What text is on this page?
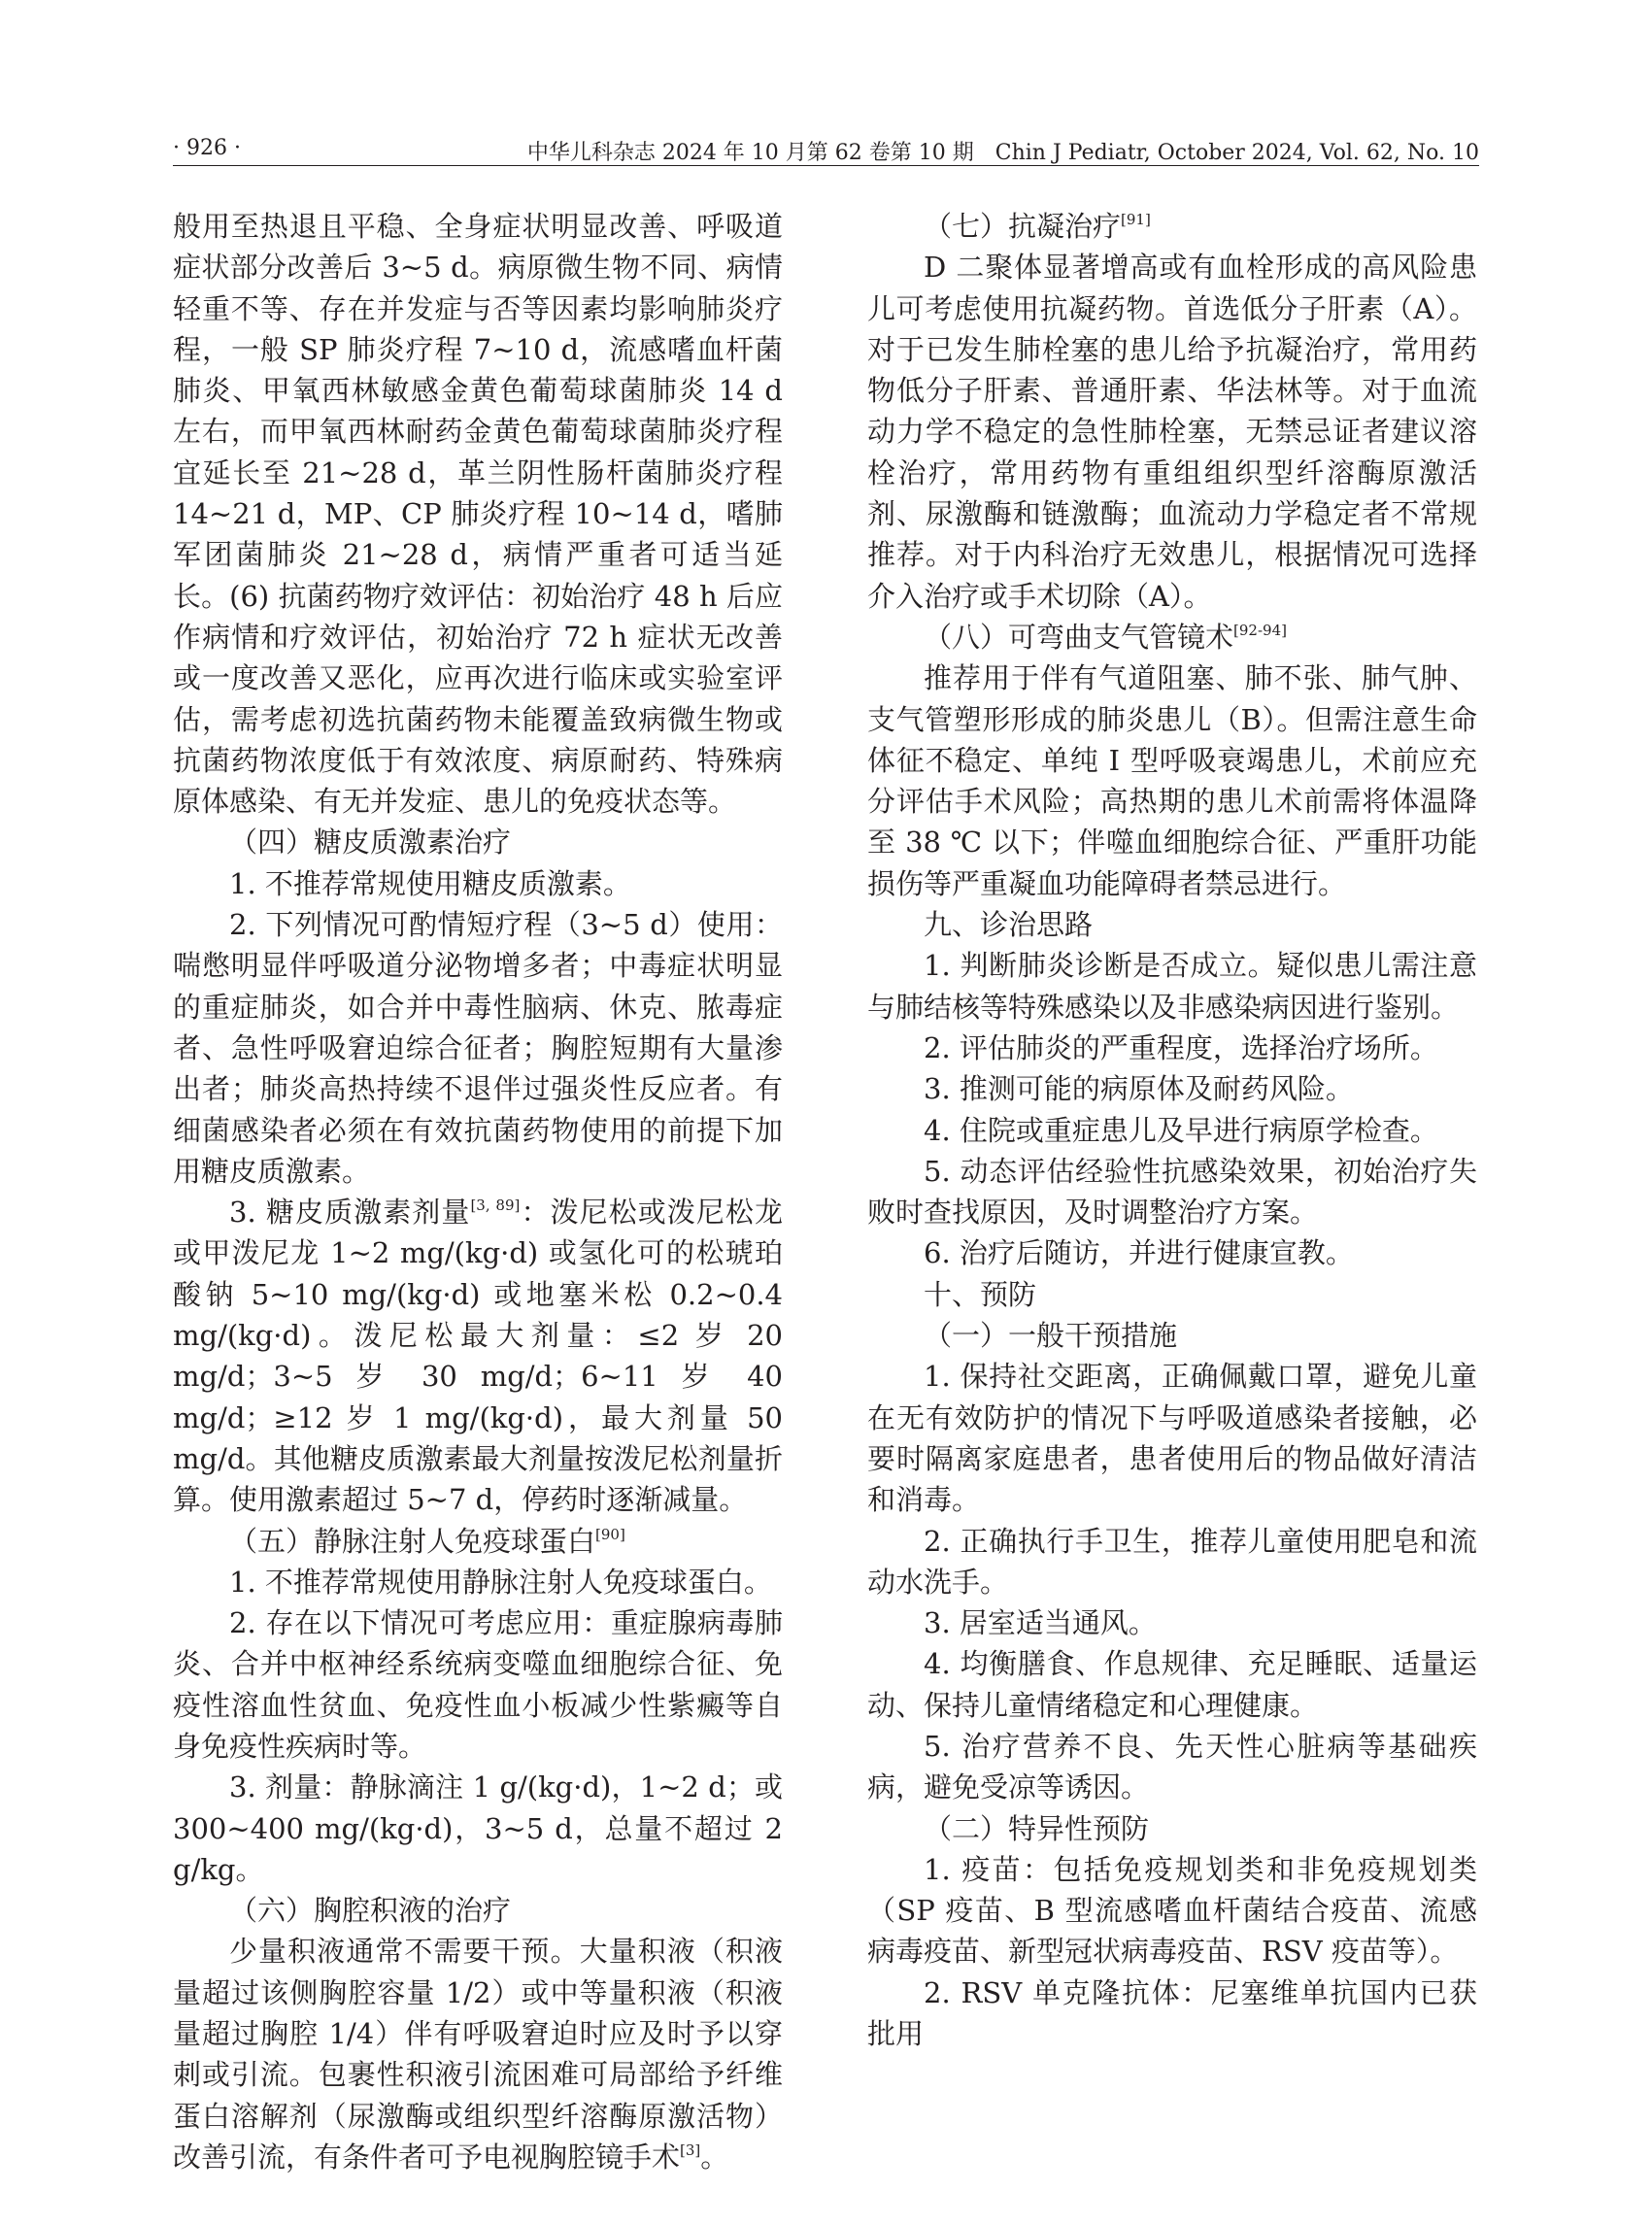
· 926 ·	中华儿科杂志 2024 年 10 月第 62 卷第 10 期　Chin J Pediatr, October 2024, Vol. 62, No. 10

般用至热退且平稳、全身症状明显改善、呼吸道症状部分改善后 3~5 d。病原微生物不同、病情轻重不等、存在并发症与否等因素均影响肺炎疗程，一般 SP 肺炎疗程 7~10 d，流感嗜血杆菌肺炎、甲氧西林敏感金黄色葡萄球菌肺炎 14 d 左右，而甲氧西林耐药金黄色葡萄球菌肺炎疗程宜延长至 21~28 d，革兰阴性肠杆菌肺炎疗程 14~21 d，MP、CP 肺炎疗程 10~14 d，嗜肺军团菌肺炎 21~28 d，病情严重者可适当延长。(6) 抗菌药物疗效评估：初始治疗 48 h 后应作病情和疗效评估，初始治疗 72 h 症状无改善或一度改善又恶化，应再次进行临床或实验室评估，需考虑初选抗菌药物未能覆盖致病微生物或抗菌药物浓度低于有效浓度、病原耐药、特殊病原体感染、有无并发症、患儿的免疫状态等。

（四）糖皮质激素治疗

1. 不推荐常规使用糖皮质激素。

2. 下列情况可酌情短疗程（3~5 d）使用：喘憋明显伴呼吸道分泌物增多者；中毒症状明显的重症肺炎，如合并中毒性脑病、休克、脓毒症者、急性呼吸窘迫综合征者；胸腔短期有大量渗出者；肺炎高热持续不退伴过强炎性反应者。有细菌感染者必须在有效抗菌药物使用的前提下加用糖皮质激素。

3. 糖皮质激素剂量[3, 89]：泼尼松或泼尼松龙或甲泼尼龙 1~2 mg/(kg·d) 或氢化可的松琥珀酸钠 5~10 mg/(kg·d) 或地塞米松 0.2~0.4 mg/(kg·d)。泼尼松最大剂量：≤2 岁 20 mg/d；3~5 岁 30 mg/d；6~11 岁 40 mg/d；≥12 岁 1 mg/(kg·d)，最大剂量 50 mg/d。其他糖皮质激素最大剂量按泼尼松剂量折算。使用激素超过 5~7 d，停药时逐渐减量。

（五）静脉注射人免疫球蛋白[90]

1. 不推荐常规使用静脉注射人免疫球蛋白。

2. 存在以下情况可考虑应用：重症腺病毒肺炎、合并中枢神经系统病变噬血细胞综合征、免疫性溶血性贫血、免疫性血小板减少性紫癜等自身免疫性疾病时等。

3. 剂量：静脉滴注 1 g/(kg·d)，1~2 d；或 300~400 mg/(kg·d)，3~5 d，总量不超过 2 g/kg。

（六）胸腔积液的治疗

少量积液通常不需要干预。大量积液（积液量超过该侧胸腔容量 1/2）或中等量积液（积液量超过胸腔 1/4）伴有呼吸窘迫时应及时予以穿刺或引流。包裹性积液引流困难可局部给予纤维蛋白溶解剂（尿激酶或组织型纤溶酶原激活物）改善引流，有条件者可予电视胸腔镜手术[3]。

（七）抗凝治疗[91]

D 二聚体显著增高或有血栓形成的高风险患儿可考虑使用抗凝药物。首选低分子肝素（A）。对于已发生肺栓塞的患儿给予抗凝治疗，常用药物低分子肝素、普通肝素、华法林等。对于血流动力学不稳定的急性肺栓塞，无禁忌证者建议溶栓治疗，常用药物有重组组织型纤溶酶原激活剂、尿激酶和链激酶；血流动力学稳定者不常规推荐。对于内科治疗无效患儿，根据情况可选择介入治疗或手术切除（A）。

（八）可弯曲支气管镜术[92-94]

推荐用于伴有气道阻塞、肺不张、肺气肿、支气管塑形形成的肺炎患儿（B）。但需注意生命体征不稳定、单纯 Ⅰ 型呼吸衰竭患儿，术前应充分评估手术风险；高热期的患儿术前需将体温降至 38 ℃ 以下；伴噬血细胞综合征、严重肝功能损伤等严重凝血功能障碍者禁忌进行。

九、诊治思路

1. 判断肺炎诊断是否成立。疑似患儿需注意与肺结核等特殊感染以及非感染病因进行鉴别。

2. 评估肺炎的严重程度，选择治疗场所。

3. 推测可能的病原体及耐药风险。

4. 住院或重症患儿及早进行病原学检查。

5. 动态评估经验性抗感染效果，初始治疗失败时查找原因，及时调整治疗方案。

6. 治疗后随访，并进行健康宣教。

十、预防

（一）一般干预措施

1. 保持社交距离，正确佩戴口罩，避免儿童在无有效防护的情况下与呼吸道感染者接触，必要时隔离家庭患者，患者使用后的物品做好清洁和消毒。

2. 正确执行手卫生，推荐儿童使用肥皂和流动水洗手。

3. 居室适当通风。

4. 均衡膳食、作息规律、充足睡眠、适量运动、保持儿童情绪稳定和心理健康。

5. 治疗营养不良、先天性心脏病等基础疾病，避免受凉等诱因。

（二）特异性预防

1. 疫苗：包括免疫规划类和非免疫规划类（SP 疫苗、B 型流感嗜血杆菌结合疫苗、流感病毒疫苗、新型冠状病毒疫苗、RSV 疫苗等）。

2. RSV 单克隆抗体：尼塞维单抗国内已获批用
